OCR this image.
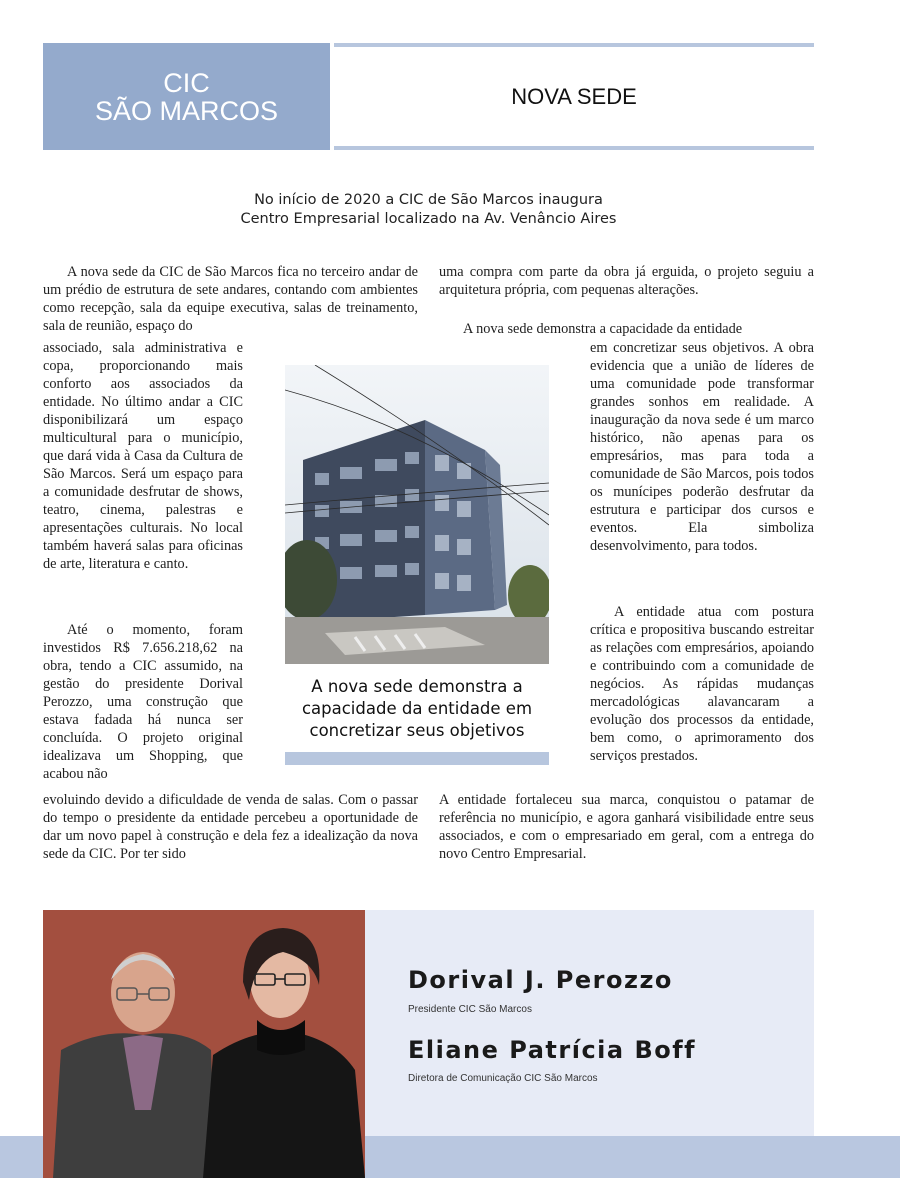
CIC
SÃO MARCOS	NOVA SEDE
No início de 2020 a CIC de São Marcos inaugura
Centro Empresarial localizado na Av. Venâncio Aires

A nova sede da CIC de São Marcos fica no terceiro andar de um prédio de estrutura de sete andares, contando com ambientes como recepção, sala da equipe executiva, salas de treinamento, sala de reunião, espaço do

associado, sala administrativa e copa, proporcionando mais conforto aos associados da entidade. No último andar a CIC disponibilizará um espaço multicultural para o município, que dará vida à Casa da Cultura de São Marcos. Será um espaço para a comunidade desfrutar de shows, teatro, cinema, palestras e apresentações culturais. No local também haverá salas para oficinas de arte, literatura e canto.

Até o momento, foram investidos R$ 7.656.218,62 na obra, tendo a CIC assumido, na gestão do presidente Dorival Perozzo, uma construção que estava fadada há nunca ser concluída. O projeto original idealizava um Shopping, que acabou não

evoluindo devido a dificuldade de venda de salas. Com o passar do tempo o presidente da entidade percebeu a oportunidade de dar um novo papel à construção e dela fez a idealização da nova sede da CIC. Por ter sido

uma compra com parte da obra já erguida, o projeto seguiu a arquitetura própria, com pequenas alterações.

A nova sede demonstra a capacidade da entidade

em concretizar seus objetivos. A obra evidencia que a união de líderes de uma comunidade pode transformar grandes sonhos em realidade. A inauguração da nova sede é um marco histórico, não apenas para os empresários, mas para toda a comunidade de São Marcos, pois todos os munícipes poderão desfrutar da estrutura e participar dos cursos e eventos. Ela simboliza desenvolvimento, para todos.

A entidade atua com postura crítica e propositiva buscando estreitar as relações com empresários, apoiando e contribuindo com a comunidade de negócios. As rápidas mudanças mercadológicas alavancaram a evolução dos processos da entidade, bem como, o aprimoramento dos serviços prestados.

A entidade fortaleceu sua marca, conquistou o patamar de referência no município, e agora ganhará visibilidade entre seus associados, e com o empresariado em geral, com a entrega do novo Centro Empresarial.

A nova sede demonstra a
capacidade da entidade em
concretizar seus objetivos
Dorival J. Perozzo
Presidente CIC São Marcos
Eliane Patrícia Boff
Diretora de Comunicação CIC São Marcos
